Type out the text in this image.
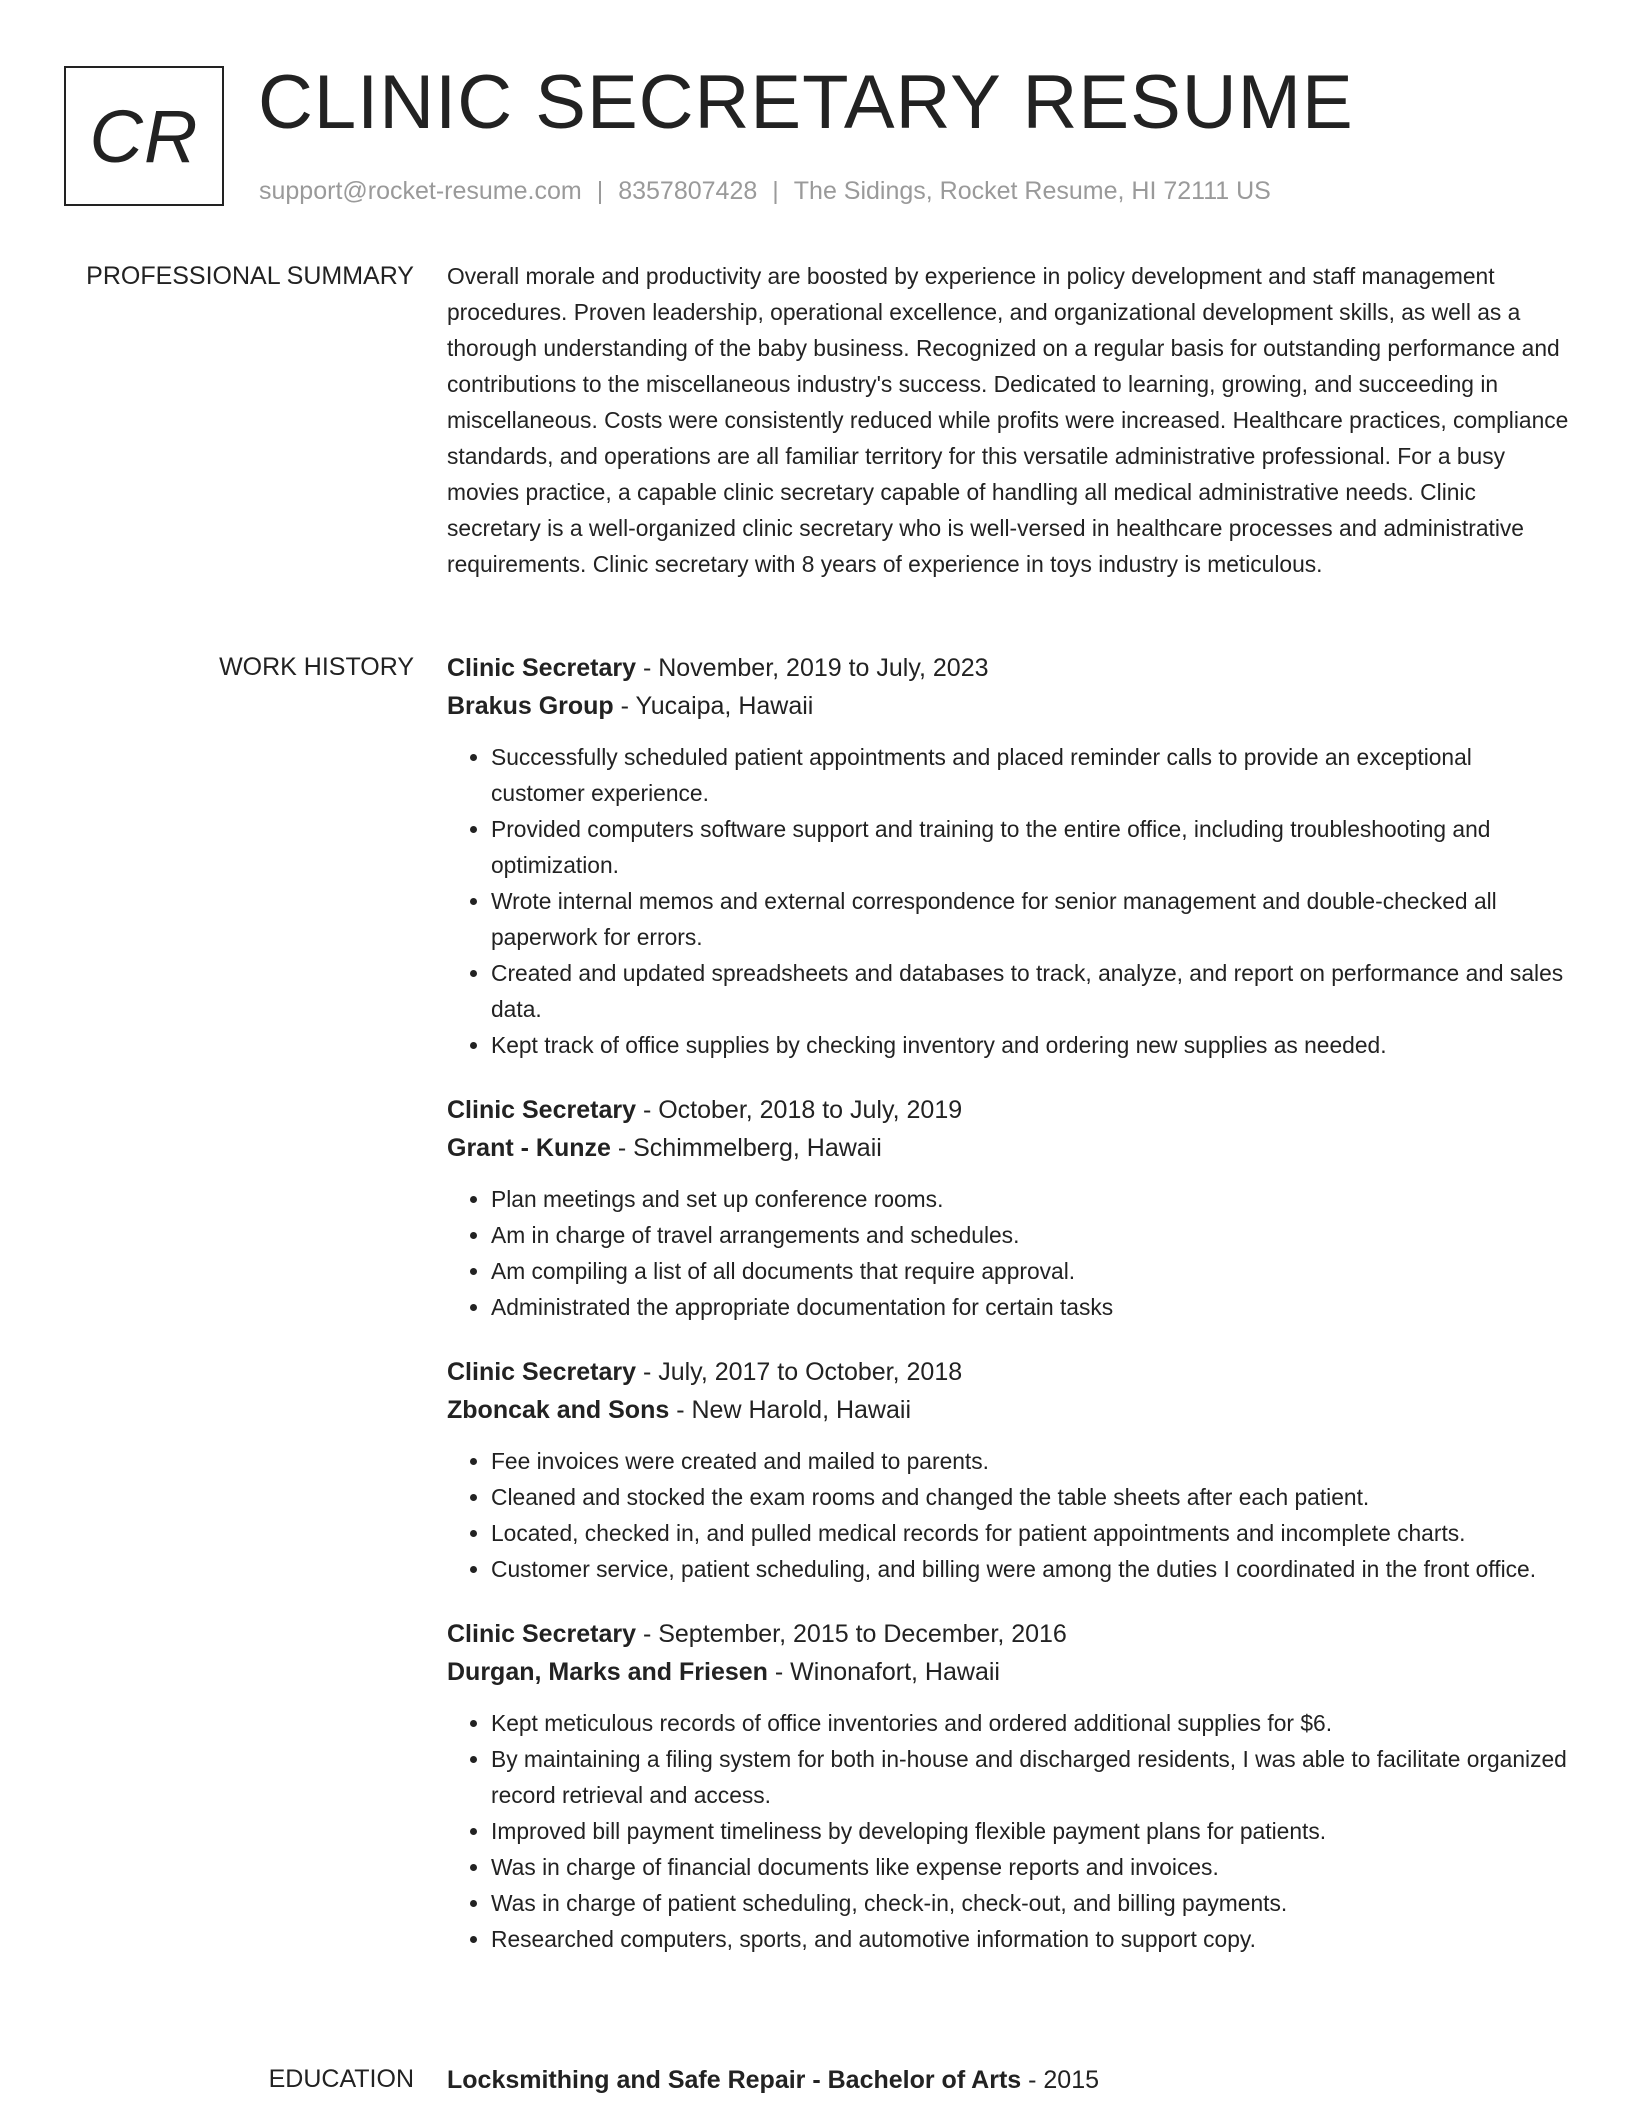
CR CLINIC SECRETARY RESUME
support@rocket-resume.com | 8357807428 | The Sidings, Rocket Resume, HI 72111 US
PROFESSIONAL SUMMARY Overall morale and productivity are boosted by experience in policy development and staff management procedures. Proven leadership, operational excellence, and organizational development skills, as well as a thorough understanding of the baby business. Recognized on a regular basis for outstanding performance and contributions to the miscellaneous industry's success. Dedicated to learning, growing, and succeeding in miscellaneous. Costs were consistently reduced while profits were increased. Healthcare practices, compliance standards, and operations are all familiar territory for this versatile administrative professional. For a busy movies practice, a capable clinic secretary capable of handling all medical administrative needs. Clinic secretary is a well-organized clinic secretary who is well-versed in healthcare processes and administrative requirements. Clinic secretary with 8 years of experience in toys industry is meticulous.

WORK HISTORY Clinic Secretary - November, 2019 to July, 2023
Brakus Group - Yucaipa, Hawaii
• Successfully scheduled patient appointments and placed reminder calls to provide an exceptional customer experience.
• Provided computers software support and training to the entire office, including troubleshooting and optimization.
• Wrote internal memos and external correspondence for senior management and double-checked all paperwork for errors.
• Created and updated spreadsheets and databases to track, analyze, and report on performance and sales data.
• Kept track of office supplies by checking inventory and ordering new supplies as needed.
Clinic Secretary - October, 2018 to July, 2019
Grant - Kunze - Schimmelberg, Hawaii
• Plan meetings and set up conference rooms.
• Am in charge of travel arrangements and schedules.
• Am compiling a list of all documents that require approval.
• Administrated the appropriate documentation for certain tasks
Clinic Secretary - July, 2017 to October, 2018
Zboncak and Sons - New Harold, Hawaii
• Fee invoices were created and mailed to parents.
• Cleaned and stocked the exam rooms and changed the table sheets after each patient.
• Located, checked in, and pulled medical records for patient appointments and incomplete charts.
• Customer service, patient scheduling, and billing were among the duties I coordinated in the front office.
Clinic Secretary - September, 2015 to December, 2016
Durgan, Marks and Friesen - Winonafort, Hawaii
• Kept meticulous records of office inventories and ordered additional supplies for $6.
• By maintaining a filing system for both in-house and discharged residents, I was able to facilitate organized record retrieval and access.
• Improved bill payment timeliness by developing flexible payment plans for patients.
• Was in charge of financial documents like expense reports and invoices.
• Was in charge of patient scheduling, check-in, check-out, and billing payments.
• Researched computers, sports, and automotive information to support copy.
EDUCATION Locksmithing and Safe Repair - Bachelor of Arts - 2015
